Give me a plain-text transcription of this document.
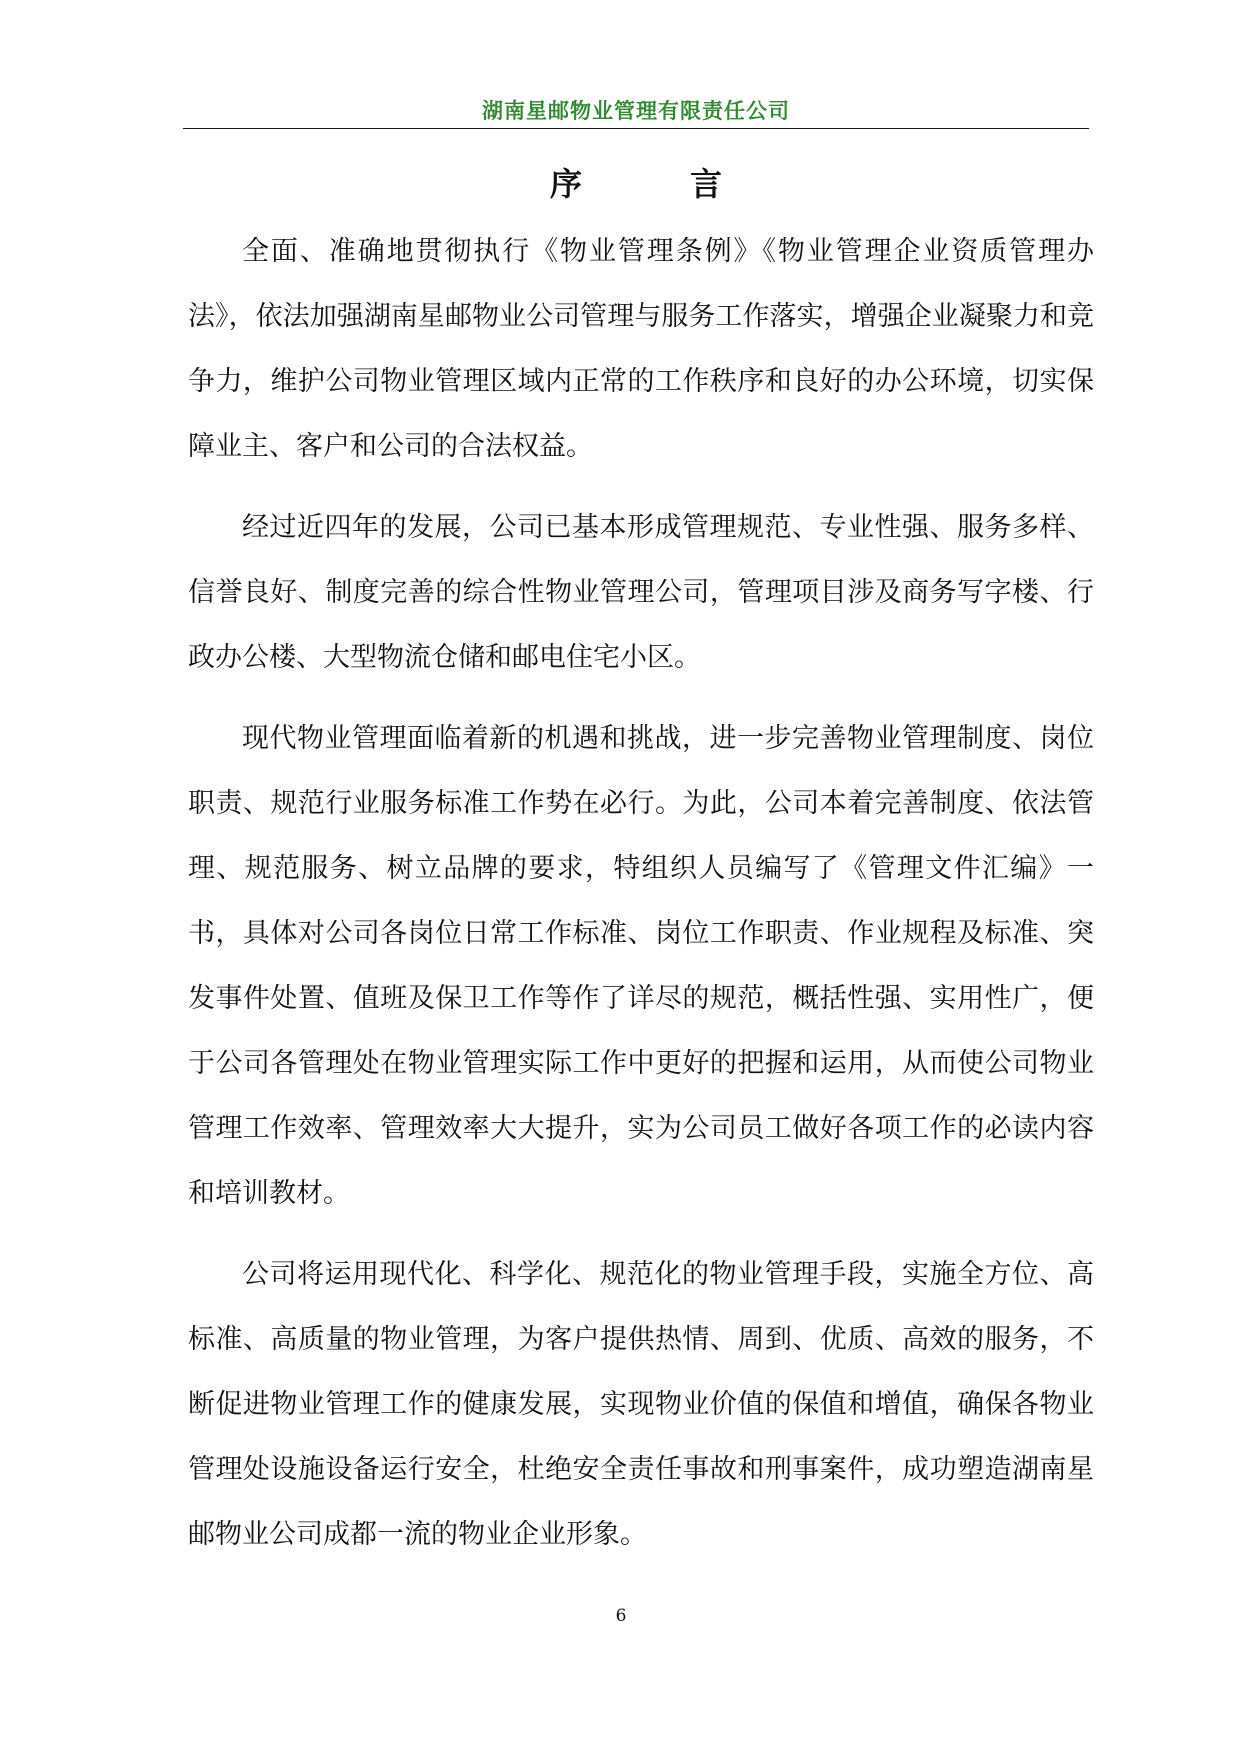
湖南星邮物业管理有限责任公司
序	言

全面、准确地贯彻执行《物业管理条例》《物业管理企业资质管理办法》，依法加强湖南星邮物业公司管理与服务工作落实，增强企业凝聚力和竞争力，维护公司物业管理区域内正常的工作秩序和良好的办公环境，切实保障业主、客户和公司的合法权益。

经过近四年的发展，公司已基本形成管理规范、专业性强、服务多样、信誉良好、制度完善的综合性物业管理公司，管理项目涉及商务写字楼、行政办公楼、大型物流仓储和邮电住宅小区。

现代物业管理面临着新的机遇和挑战，进一步完善物业管理制度、岗位职责、规范行业服务标准工作势在必行。为此，公司本着完善制度、依法管理、规范服务、树立品牌的要求，特组织人员编写了《管理文件汇编》一书，具体对公司各岗位日常工作标准、岗位工作职责、作业规程及标准、突发事件处置、值班及保卫工作等作了详尽的规范，概括性强、实用性广，便于公司各管理处在物业管理实际工作中更好的把握和运用，从而使公司物业管理工作效率、管理效率大大提升，实为公司员工做好各项工作的必读内容和培训教材。

公司将运用现代化、科学化、规范化的物业管理手段，实施全方位、高标准、高质量的物业管理，为客户提供热情、周到、优质、高效的服务，不断促进物业管理工作的健康发展，实现物业价值的保值和增值，确保各物业管理处设施设备运行安全，杜绝安全责任事故和刑事案件，成功塑造湖南星邮物业公司成都一流的物业企业形象。

6
